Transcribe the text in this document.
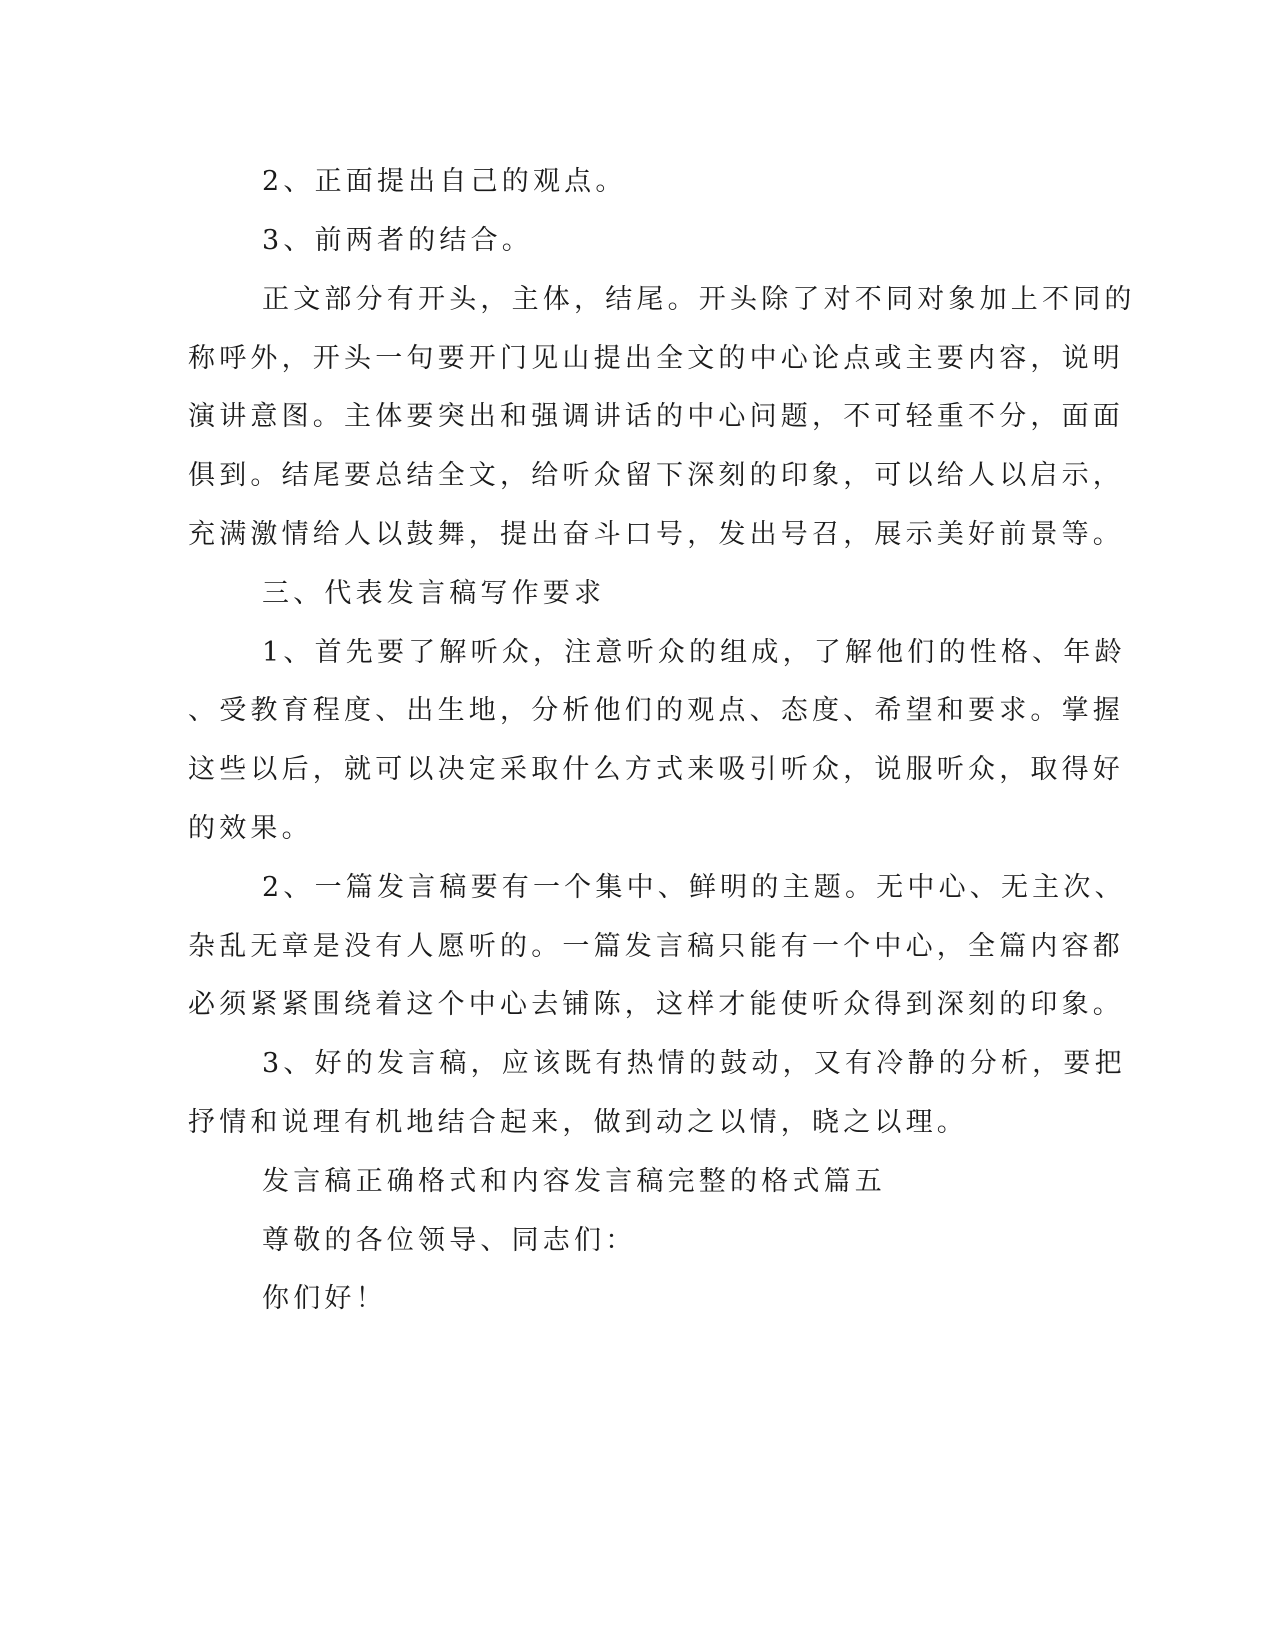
2、正面提出自己的观点。
3、前两者的结合。
正文部分有开头，主体，结尾。开头除了对不同对象加上不同的
称呼外，开头一句要开门见山提出全文的中心论点或主要内容，说明
演讲意图。主体要突出和强调讲话的中心问题，不可轻重不分，面面
俱到。结尾要总结全文，给听众留下深刻的印象，可以给人以启示，
充满激情给人以鼓舞，提出奋斗口号，发出号召，展示美好前景等。
三、代表发言稿写作要求
1、首先要了解听众，注意听众的组成，了解他们的性格、年龄
、受教育程度、出生地，分析他们的观点、态度、希望和要求。掌握
这些以后，就可以决定采取什么方式来吸引听众，说服听众，取得好
的效果。
2、一篇发言稿要有一个集中、鲜明的主题。无中心、无主次、
杂乱无章是没有人愿听的。一篇发言稿只能有一个中心，全篇内容都
必须紧紧围绕着这个中心去铺陈，这样才能使听众得到深刻的印象。
3、好的发言稿，应该既有热情的鼓动，又有冷静的分析，要把
抒情和说理有机地结合起来，做到动之以情，晓之以理。
发言稿正确格式和内容发言稿完整的格式篇五
尊敬的各位领导、同志们：
你们好！
